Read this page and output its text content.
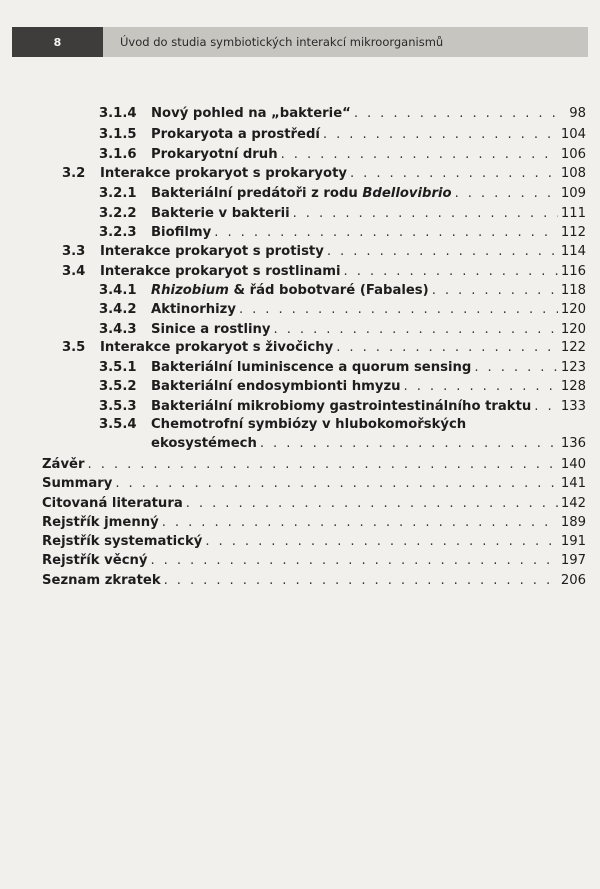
8	Úvod do studia symbiotických interakcí mikroorganismů
3.1.4	Nový pohled na „bakterie“ . . .	98
3.1.5	Prokaryota a prostředí . . .	104
3.1.6	Prokaryotní druh . . .	106
3.2	Interakce prokaryot s prokaryoty . . .	108
3.2.1	Bakteriální predátoři z rodu Bdellovibrio . . .	109
3.2.2	Bakterie v bakterii . . .	111
3.2.3	Biofilmy . . .	112
3.3	Interakce prokaryot s protisty . . .	114
3.4	Interakce prokaryot s rostlinami . . .	116
3.4.1	Rhizobium & řád bobotvaré (Fabales) . . .	118
3.4.2	Aktinorhizy . . .	120
3.4.3	Sinice a rostliny . . .	120
3.5	Interakce prokaryot s živočichy . . .	122
3.5.1	Bakteriální luminiscence a quorum sensing . . .	123
3.5.2	Bakteriální endosymbionti hmyzu . . .	128
3.5.3	Bakteriální mikrobiomy gastrointestinálního traktu . . . 133
3.5.4 Chemotrofní symbiózy v hlubokomořských
ekosystémech . . .	136
Závěr . . .	140
Summary . . .	141
Citovaná literatura . . .	142
Rejstřík jmenný . . .	189
Rejstřík systematický . . .	191
Rejstřík věcný . . .	197
Seznam zkratek . . .	206
